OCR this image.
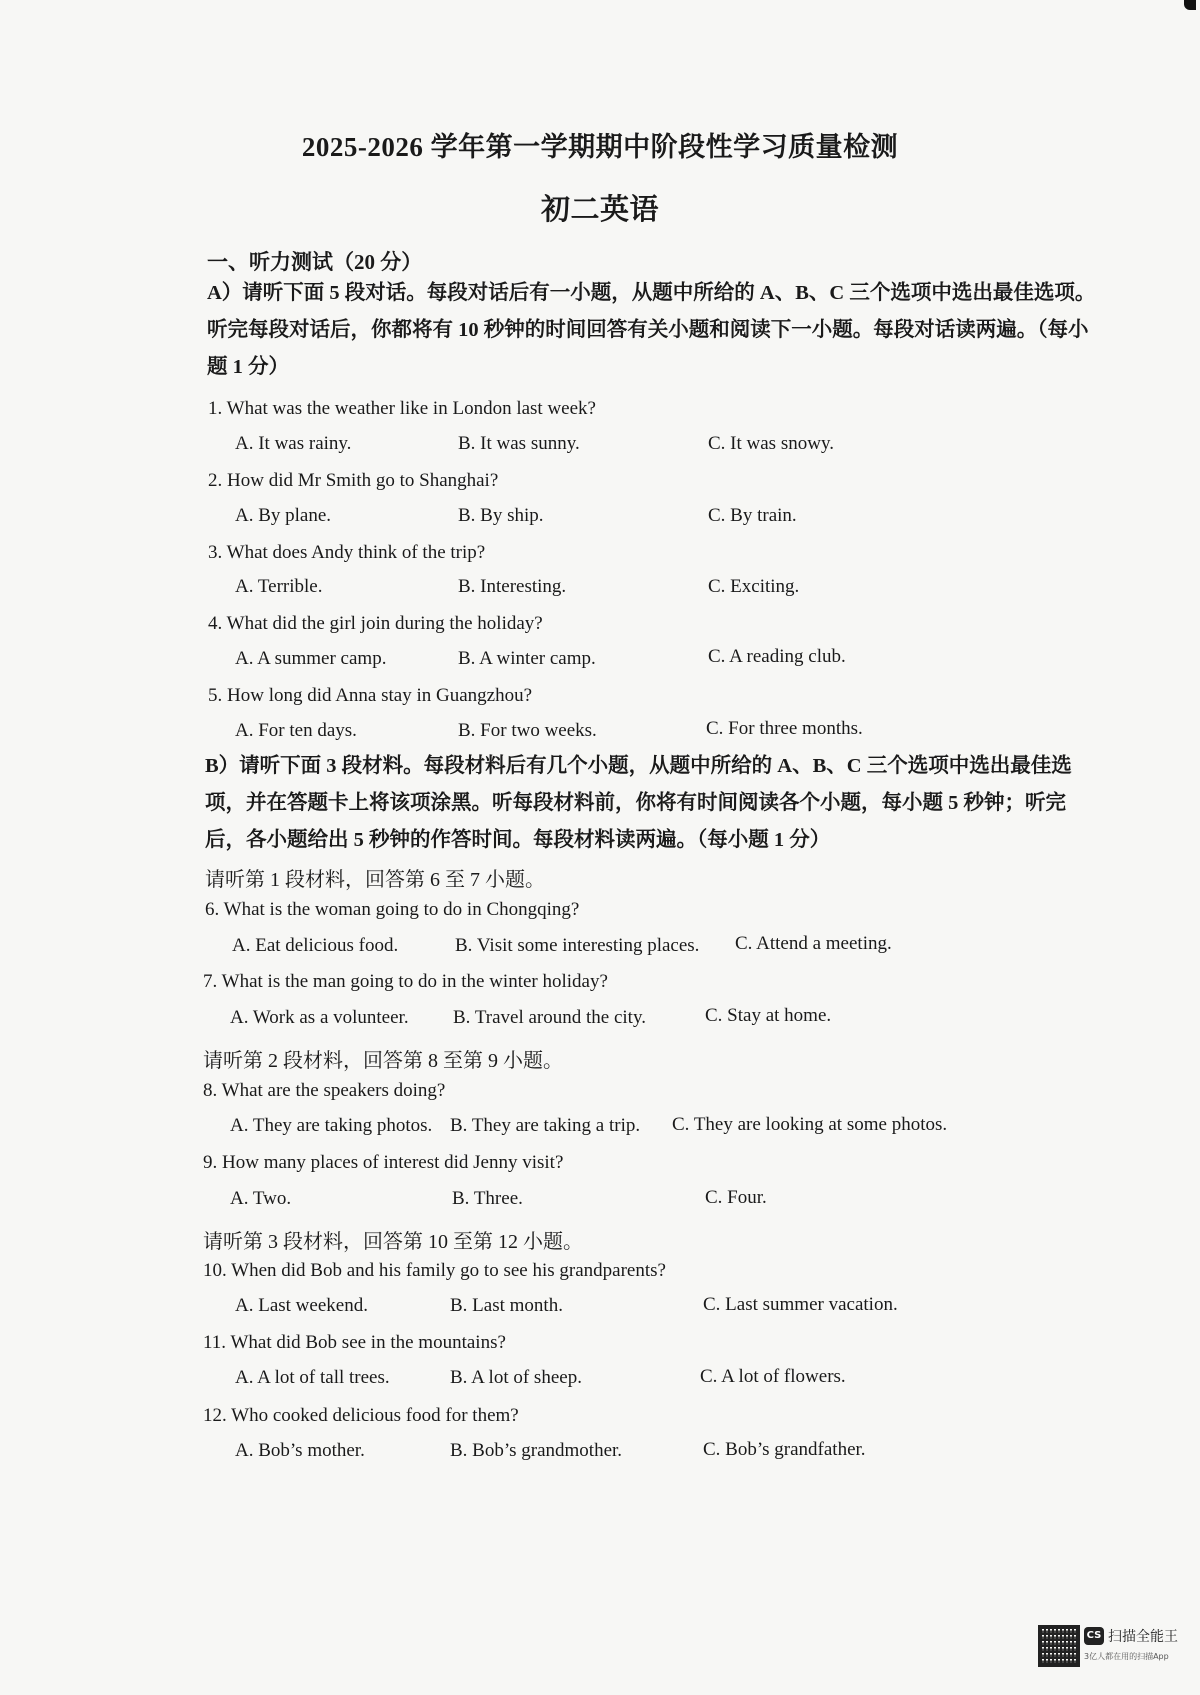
2025-2026 学年第一学期期中阶段性学习质量检测
初二英语
一、听力测试（20 分）
A）请听下面 5 段对话。每段对话后有一小题，从题中所给的 A、B、C 三个选项中选出最佳选项。听完每段对话后，你都将有 10 秒钟的时间回答有关小题和阅读下一小题。每段对话读两遍。（每小题 1 分）
1. What was the weather like in London last week?
A. It was rainy.	B. It was sunny.	C. It was snowy.
2. How did Mr Smith go to Shanghai?
A. By plane.	B. By ship.	C. By train.
3. What does Andy think of the trip?
A. Terrible.	B. Interesting.	C. Exciting.
4. What did the girl join during the holiday?
A. A summer camp.	B. A winter camp.	C. A reading club.
5. How long did Anna stay in Guangzhou?
A. For ten days.	B. For two weeks.	C. For three months.
B）请听下面 3 段材料。每段材料后有几个小题，从题中所给的 A、B、C 三个选项中选出最佳选项，并在答题卡上将该项涂黑。听每段材料前，你将有时间阅读各个小题，每小题 5 秒钟；听完后，各小题给出 5 秒钟的作答时间。每段材料读两遍。（每小题 1 分）
请听第 1 段材料，回答第 6 至 7 小题。
6. What is the woman going to do in Chongqing?
A. Eat delicious food.	B. Visit some interesting places. C. Attend a meeting.
7. What is the man going to do in the winter holiday?
A. Work as a volunteer. B. Travel around the city.	C. Stay at home.
请听第 2 段材料，回答第 8 至第 9 小题。
8. What are the speakers doing?
A. They are taking photos. B. They are taking a trip. C. They are looking at some photos.
9. How many places of interest did Jenny visit?
A. Two.	B. Three.	C. Four.
请听第 3 段材料，回答第 10 至第 12 小题。
10. When did Bob and his family go to see his grandparents?
A. Last weekend.	B. Last month.	C. Last summer vacation.
11. What did Bob see in the mountains?
A. A lot of tall trees.	B. A lot of sheep.	C. A lot of flowers.
12. Who cooked delicious food for them?
A. Bob’s mother.	B. Bob’s grandmother.	C. Bob’s grandfather.
CS 扫描全能王
3亿人都在用的扫描App
